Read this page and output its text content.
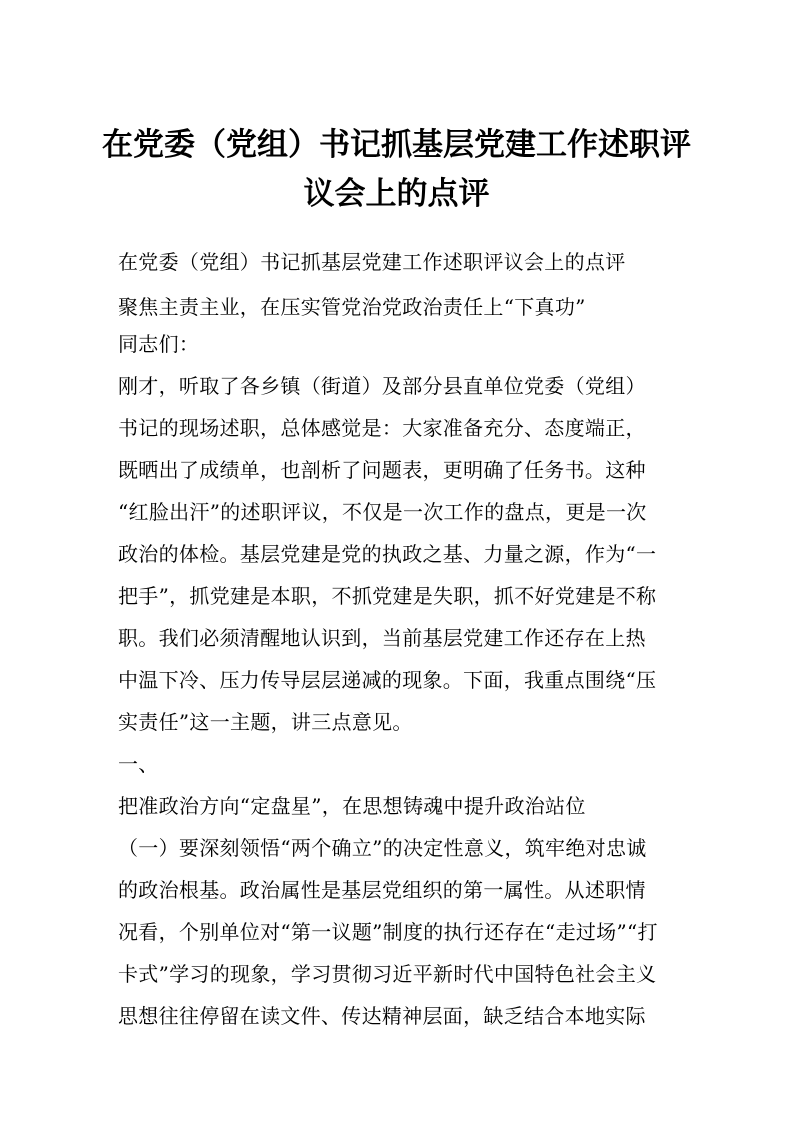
在党委（党组）书记抓基层党建工作述职评
议会上的点评

在党委（党组）书记抓基层党建工作述职评议会上的点评

聚焦主责主业，在压实管党治党政治责任上“下真功”

同志们：

刚才，听取了各乡镇（街道）及部分县直单位党委（党组）

书记的现场述职，总体感觉是：大家准备充分、态度端正，

既晒出了成绩单，也剖析了问题表，更明确了任务书。这种

“红脸出汗”的述职评议，不仅是一次工作的盘点，更是一次

政治的体检。基层党建是党的执政之基、力量之源，作为“一

把手”，抓党建是本职，不抓党建是失职，抓不好党建是不称

职。我们必须清醒地认识到，当前基层党建工作还存在上热

中温下冷、压力传导层层递减的现象。下面，我重点围绕“压

实责任”这一主题，讲三点意见。

一、

把准政治方向“定盘星”，在思想铸魂中提升政治站位

（一）要深刻领悟“两个确立”的决定性意义，筑牢绝对忠诚

的政治根基。政治属性是基层党组织的第一属性。从述职情

况看，个别单位对“第一议题”制度的执行还存在“走过场”“打

卡式”学习的现象，学习贯彻习近平新时代中国特色社会主义

思想往往停留在读文件、传达精神层面，缺乏结合本地实际
